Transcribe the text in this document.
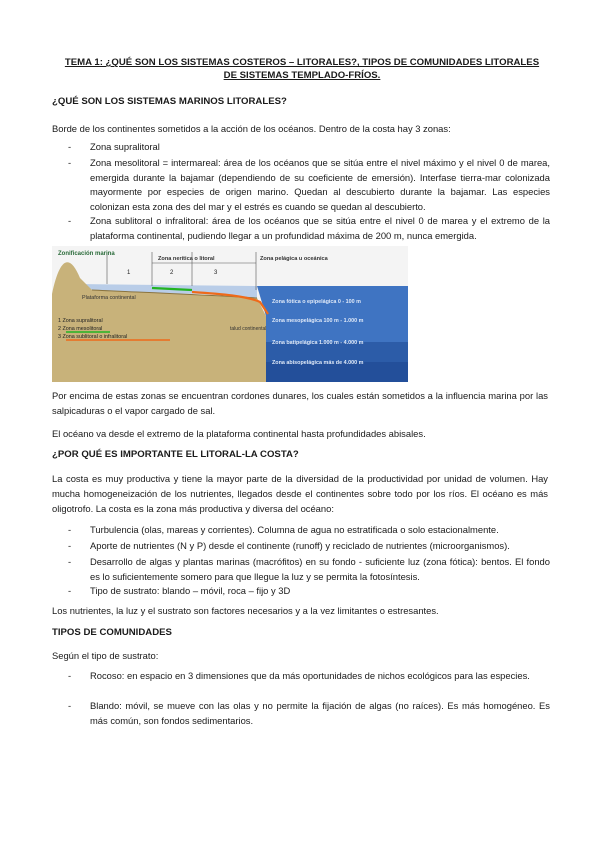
TEMA 1: ¿QUÉ SON LOS SISTEMAS COSTEROS – LITORALES?, TIPOS DE COMUNIDADES LITORALES DE SISTEMAS TEMPLADO-FRÍOS.
¿QUÉ SON LOS SISTEMAS MARINOS LITORALES?
Borde de los continentes sometidos a la acción de los océanos. Dentro de la costa hay 3 zonas:
- Zona supralitoral
- Zona mesolitoral = intermareal: área de los océanos que se sitúa entre el nivel máximo y el nivel 0 de marea, emergida durante la bajamar (dependiendo de su coeficiente de emersión). Interfase tierra-mar colonizada mayormente por especies de origen marino. Quedan al descubierto durante la bajamar. Las especies colonizan esta zona des del mar y el estrés es cuando se quedan al descubierto.
- Zona sublitoral o infralitoral: área de los océanos que se sitúa entre el nivel 0 de marea y el extremo de la plataforma continental, pudiendo llegar a un profundidad máxima de 200 m, nunca emergida.
Zonificación marina
Zona nerítica o litoral	Zona pelágica u oceánica
1	2	3
Plataforma continental
talud continental
Zona fótica o epipelágica 0 - 100 m
Zona mesopelágica 100 m - 1.000 m
Zona batipelágica 1.000 m - 4.000 m
Zona abisopelágica más de 4.000 m
1 Zona supralitoral
2 Zona mesolitoral
3 Zona sublitoral o infralitoral
Por encima de estas zonas se encuentran cordones dunares, los cuales están sometidos a la influencia marina por las salpicaduras o el vapor cargado de sal.
El océano va desde el extremo de la plataforma continental hasta profundidades abisales.
¿POR QUÉ ES IMPORTANTE EL LITORAL-LA COSTA?
La costa es muy productiva y tiene la mayor parte de la diversidad de la productividad por unidad de volumen. Hay mucha homogeneización de los nutrientes, llegados desde el continentes sobre todo por los ríos. El océano es más oligotrofo. La costa es la zona más productiva y diversa del océano:
- Turbulencia (olas, mareas y corrientes). Columna de agua no estratificada o solo estacionalmente.
- Aporte de nutrientes (N y P) desde el continente (runoff) y reciclado de nutrientes (microorganismos).
- Desarrollo de algas y plantas marinas (macrófitos) en su fondo - suficiente luz (zona fótica): bentos. El fondo es lo suficientemente somero para que llegue la luz y se permita la fotosíntesis.
- Tipo de sustrato: blando – móvil, roca – fijo y 3D
Los nutrientes, la luz y el sustrato son factores necesarios y a la vez limitantes o estresantes.
TIPOS DE COMUNIDADES
Según el tipo de sustrato:
- Rocoso: en espacio en 3 dimensiones que da más oportunidades de nichos ecológicos para las especies.
- Blando: móvil, se mueve con las olas y no permite la fijación de algas (no raíces). Es más homogéneo. Es más común, son fondos sedimentarios.
